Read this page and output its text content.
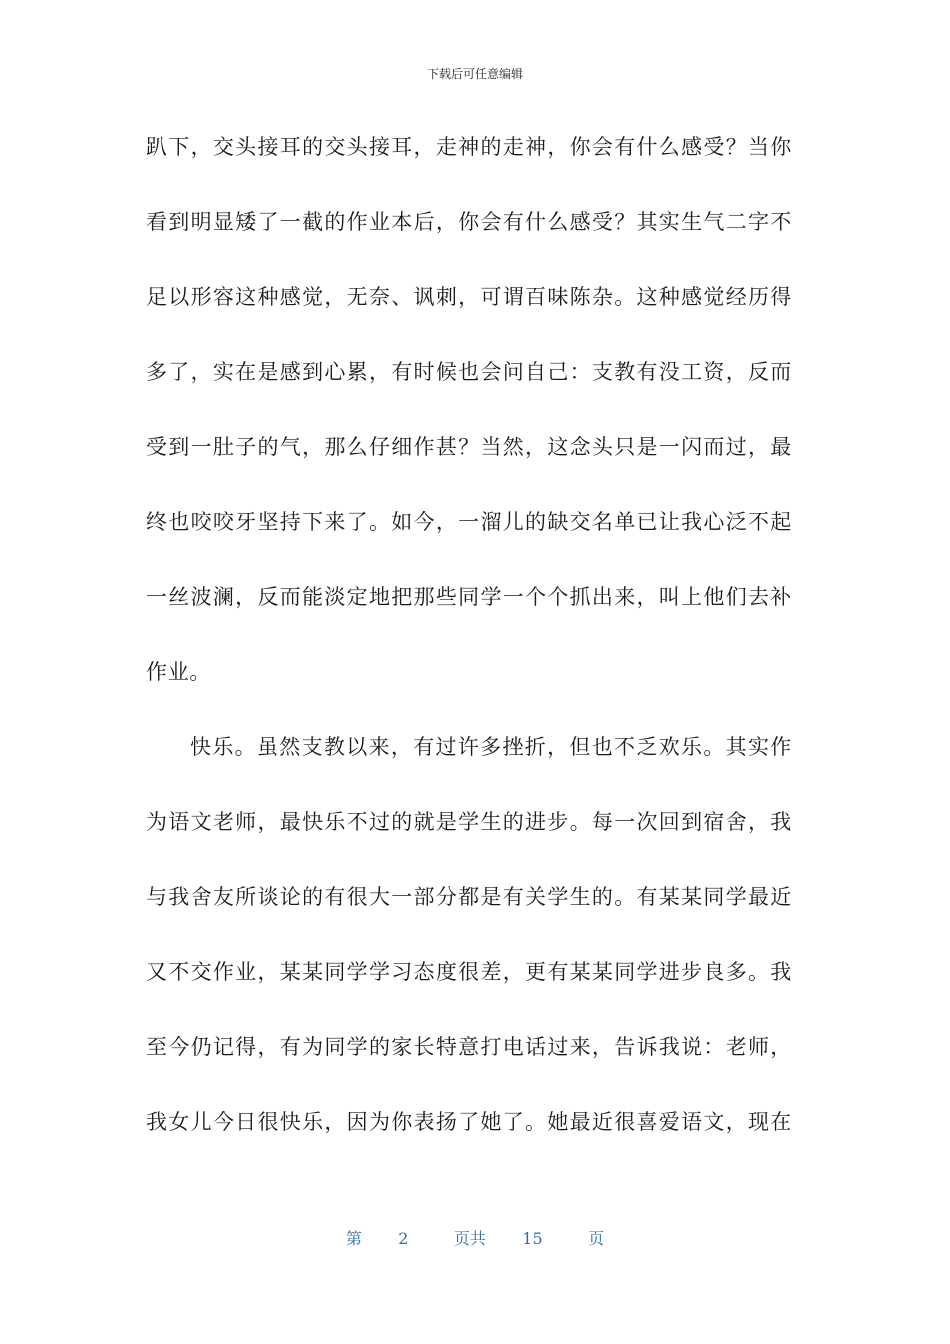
下载后可任意编辑
趴下，交头接耳的交头接耳，走神的走神，你会有什么感受？当你
看到明显矮了一截的作业本后，你会有什么感受？其实生气二字不
足以形容这种感觉，无奈、讽刺，可谓百味陈杂。这种感觉经历得
多了，实在是感到心累，有时候也会问自己：支教有没工资，反而
受到一肚子的气，那么仔细作甚？当然，这念头只是一闪而过，最
终也咬咬牙坚持下来了。如今，一溜儿的缺交名单已让我心泛不起
一丝波澜，反而能淡定地把那些同学一个个抓出来，叫上他们去补
作业。
快乐。虽然支教以来，有过许多挫折，但也不乏欢乐。其实作
为语文老师，最快乐不过的就是学生的进步。每一次回到宿舍，我
与我舍友所谈论的有很大一部分都是有关学生的。有某某同学最近
又不交作业，某某同学学习态度很差，更有某某同学进步良多。我
至今仍记得，有为同学的家长特意打电话过来，告诉我说：老师，
我女儿今日很快乐，因为你表扬了她了。她最近很喜爱语文，现在
第 2	页共 15	页
